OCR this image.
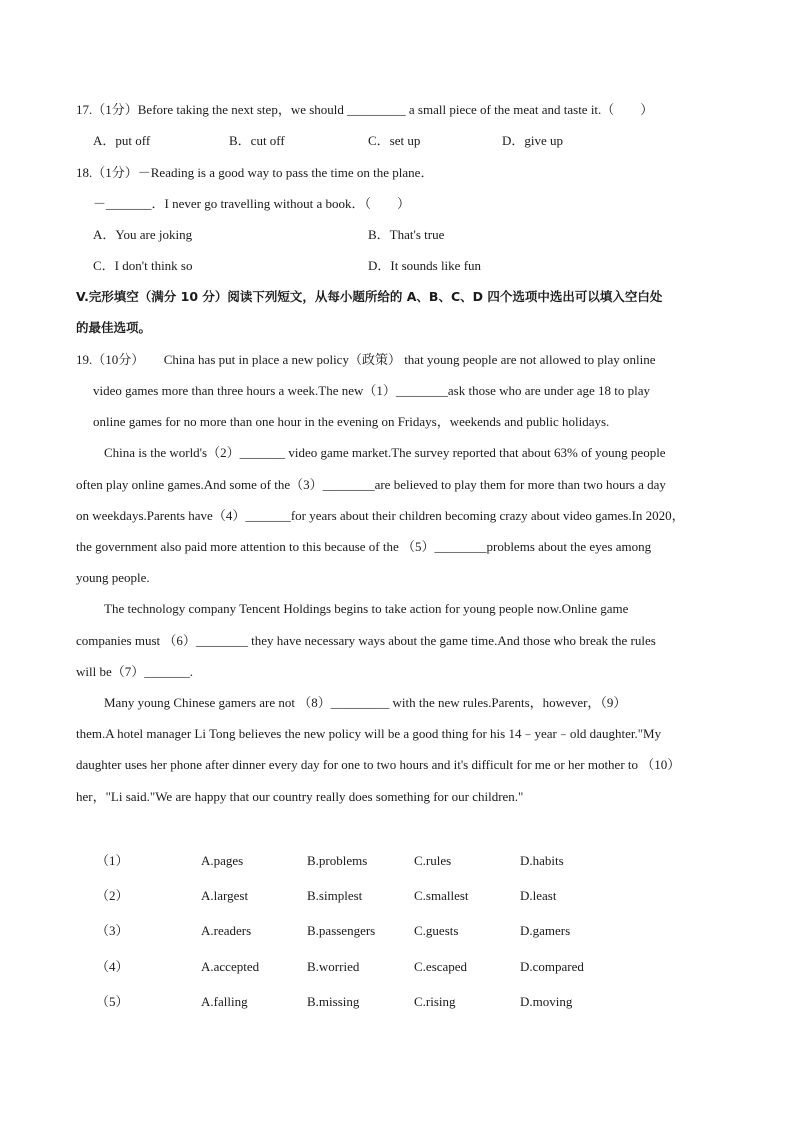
17.（1分）Before taking the next step，we should _________ a small piece of the meat and taste it.（　　）
A．put off	B．cut off	C．set up	D．give up
18.（1分）－Reading is a good way to pass the time on the plane．
－_______．I never go travelling without a book．（　　）
A．You are joking	B．That's true
C．I don't think so	D．It sounds like fun
V.完形填空（满分 10 分）阅读下列短文，从每小题所给的 A、B、C、D 四个选项中选出可以填入空白处
的最佳选项。
19.（10分）　　China has put in place a new policy（政策） that young people are not allowed to play online
video games more than three hours a week.The new（1）________ask those who are under age 18 to play
online games for no more than one hour in the evening on Fridays，weekends and public holidays.
China is the world's（2）_______ video game market.The survey reported that about 63% of young people
often play online games.And some of the（3）________are believed to play them for more than two hours a day
on weekdays.Parents have（4）_______for years about their children becoming crazy about video games.In 2020，
the government also paid more attention to this because of the （5）________problems about the eyes among
young people.
The technology company Tencent Holdings begins to take action for young people now.Online game
companies must （6）________ they have necessary ways about the game time.And those who break the rules
will be（7）_______.
Many young Chinese gamers are not （8）_________ with the new rules.Parents，however，（9）
them.A hotel manager Li Tong believes the new policy will be a good thing for his 14﹣year﹣old daughter."My
daughter uses her phone after dinner every day for one to two hours and it's difficult for me or her mother to （10）
her，"Li said."We are happy that our country really does something for our children."
（1）	A.pages	B.problems	C.rules	D.habits
（2）	A.largest	B.simplest	C.smallest	D.least
（3）	A.readers	B.passengers	C.guests	D.gamers
（4）	A.accepted	B.worried	C.escaped	D.compared
（5）	A.falling	B.missing	C.rising	D.moving
